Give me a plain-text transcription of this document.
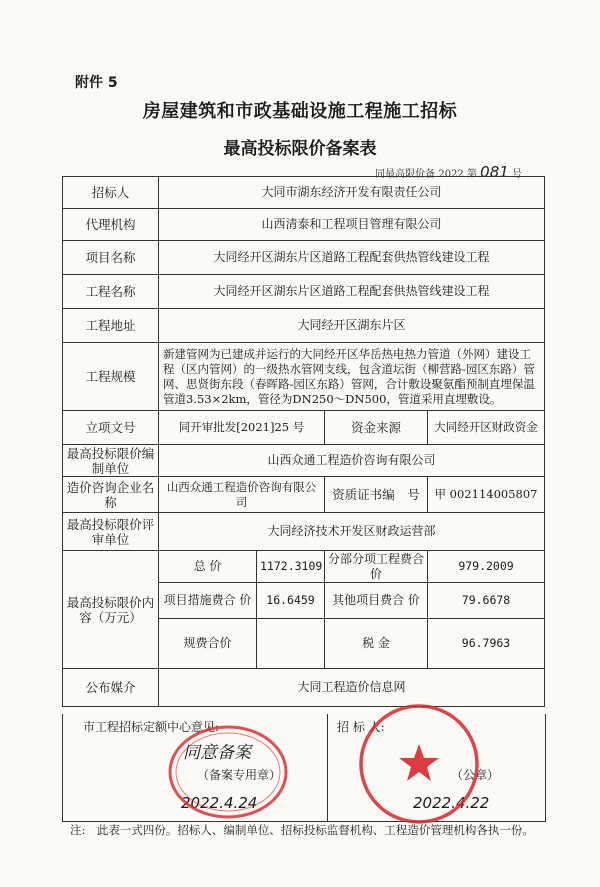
附件 5
房屋建筑和市政基础设施工程施工招标
最高投标限价备案表
同最高限价备 2022 第 081 号
招标人	大同市湖东经济开发有限责任公司			
代理机构	山西清泰和工程项目管理有限公司			
项目名称	大同经开区湖东片区道路工程配套供热管线建设工程			
工程名称	大同经开区湖东片区道路工程配套供热管线建设工程			
工程地址	大同经开区湖东片区			
工程规模	新建管网为已建成并运行的大同经开区华岳热电热力管道（外网）建设工程（区内管网）的一级热水管网支线，包含道坛街（柳营路-园区东路）管网、思贤街东段（春晖路-园区东路）管网，合计敷设聚氨酯预制直埋保温管道3.53×2km，管径为DN250～DN500，管道采用直埋敷设。			
立项文号	同开审批发[2021]25 号		资金来源	大同经开区财政资金
最高投标限价编制单位	山西众通工程造价咨询有限公司			
造价咨询企业名称	山西众通工程造价咨询有限公司		资质证书编　号	甲 002114005807
最高投标限价评审单位	大同经济技术开发区财政运营部			
最高投标限价内容（万元）	总 价	1172.3109	分部分项工程费合价	979.2009
	项目措施费合 价	16.6459	其他项目费合 价	79.6678
	规费合价		税 金	96.7963
公布媒介	大同工程造价信息网			
市工程招标定额中心意见:	招 标 人:
同意备案
（备案专用章）
2022.4.24
（公章）
2022.4.22
注:　此表一式四份。招标人、编制单位、招标投标监督机构、工程造价管理机构各执一份。
